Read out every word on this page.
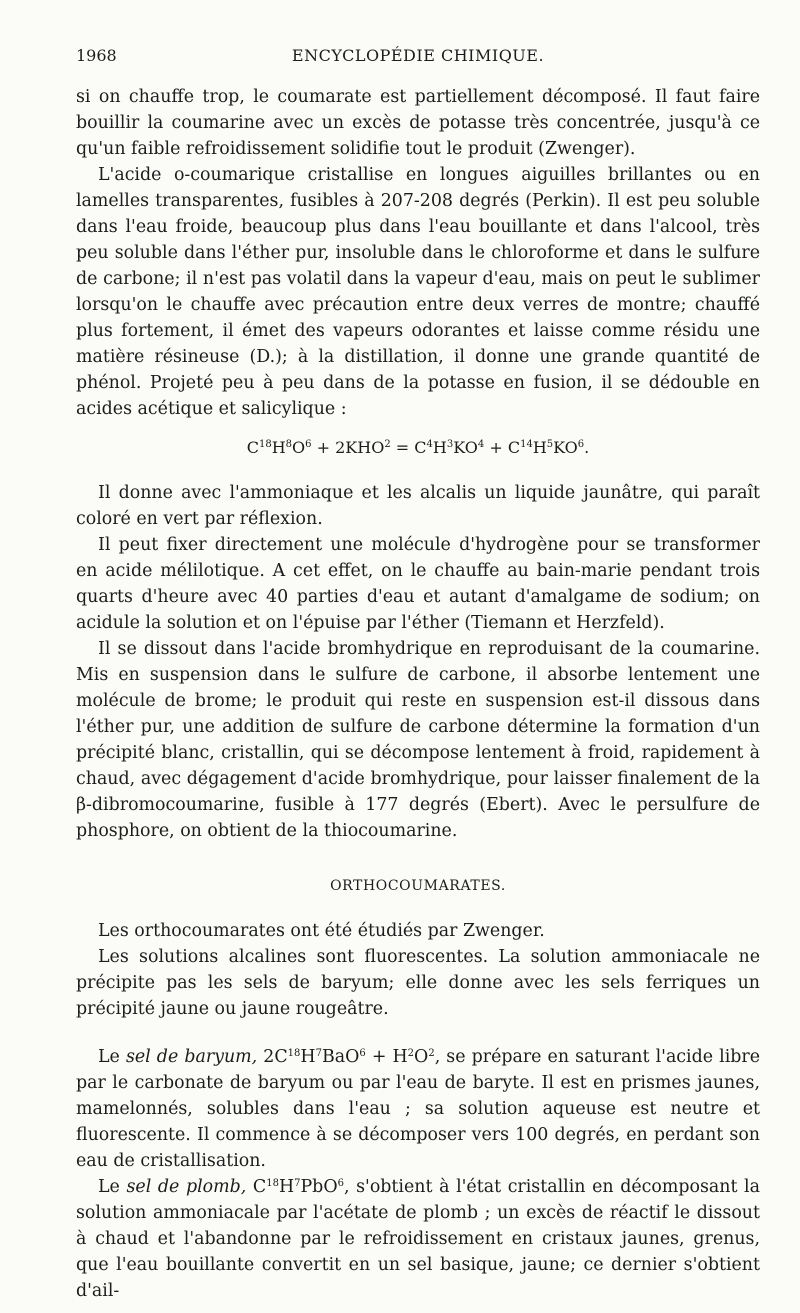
1968	ENCYCLOPÉDIE CHIMIQUE.

si on chauffe trop, le coumarate est partiellement décomposé. Il faut faire bouillir la coumarine avec un excès de potasse très concentrée, jusqu'à ce qu'un faible refroidissement solidifie tout le produit (Zwenger).

L'acide o-coumarique cristallise en longues aiguilles brillantes ou en lamelles transparentes, fusibles à 207-208 degrés (Perkin). Il est peu soluble dans l'eau froide, beaucoup plus dans l'eau bouillante et dans l'alcool, très peu soluble dans l'éther pur, insoluble dans le chloroforme et dans le sulfure de carbone; il n'est pas volatil dans la vapeur d'eau, mais on peut le sublimer lorsqu'on le chauffe avec précaution entre deux verres de montre; chauffé plus fortement, il émet des vapeurs odorantes et laisse comme résidu une matière résineuse (D.); à la distillation, il donne une grande quantité de phénol. Projeté peu à peu dans de la potasse en fusion, il se dédouble en acides acétique et salicylique :

$C^{18}H^8O^6 + 2KHO^2 = C^4H^3KO^4 + C^{14}H^5KO^6$.

Il donne avec l'ammoniaque et les alcalis un liquide jaunâtre, qui paraît coloré en vert par réflexion.

Il peut fixer directement une molécule d'hydrogène pour se transformer en acide mélilotique. A cet effet, on le chauffe au bain-marie pendant trois quarts d'heure avec 40 parties d'eau et autant d'amalgame de sodium; on acidule la solution et on l'épuise par l'éther (Tiemann et Herzfeld).

Il se dissout dans l'acide bromhydrique en reproduisant de la coumarine. Mis en suspension dans le sulfure de carbone, il absorbe lentement une molécule de brome; le produit qui reste en suspension est-il dissous dans l'éther pur, une addition de sulfure de carbone détermine la formation d'un précipité blanc, cristallin, qui se décompose lentement à froid, rapidement à chaud, avec dégagement d'acide bromhydrique, pour laisser finalement de la β-dibromocoumarine, fusible à 177 degrés (Ebert). Avec le persulfure de phosphore, on obtient de la thiocoumarine.

ORTHOCOUMARATES.

Les orthocoumarates ont été étudiés par Zwenger.

Les solutions alcalines sont fluorescentes. La solution ammoniacale ne précipite pas les sels de baryum; elle donne avec les sels ferriques un précipité jaune ou jaune rougeâtre.

Le sel de baryum, $2C^{18}H^7BaO^6 + H^2O^2$, se prépare en saturant l'acide libre par le carbonate de baryum ou par l'eau de baryte. Il est en prismes jaunes, mamelonnés, solubles dans l'eau ; sa solution aqueuse est neutre et fluorescente. Il commence à se décomposer vers 100 degrés, en perdant son eau de cristallisation.

Le sel de plomb, $C^{18}H^7PbO^6$, s'obtient à l'état cristallin en décomposant la solution ammoniacale par l'acétate de plomb ; un excès de réactif le dissout à chaud et l'abandonne par le refroidissement en cristaux jaunes, grenus, que l'eau bouillante convertit en un sel basique, jaune; ce dernier s'obtient d'ail-
